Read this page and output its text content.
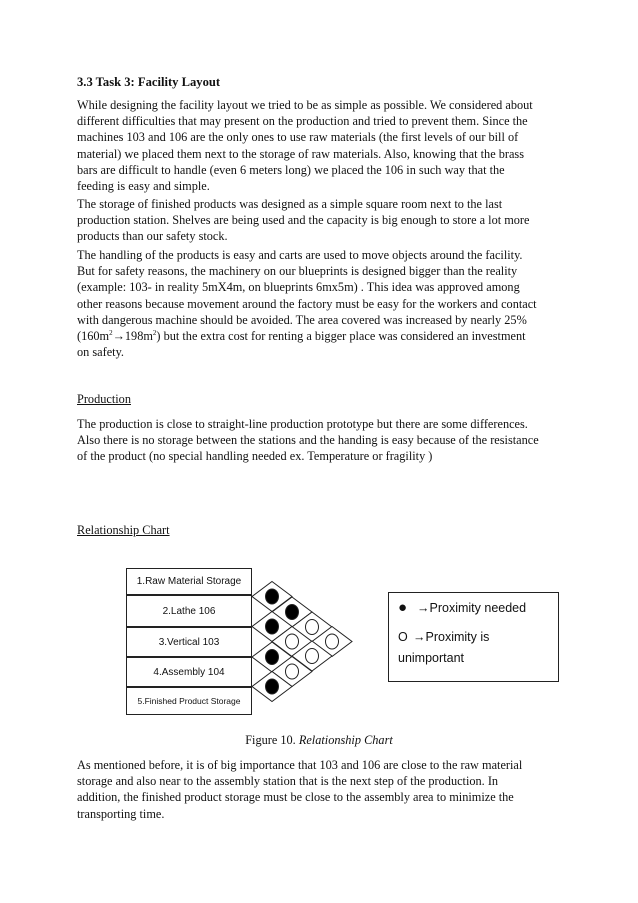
3.3 Task 3: Facility Layout

While designing the facility layout we tried to be as simple as possible. We considered about
different difficulties that may present on the production and tried to prevent them. Since the
machines 103 and 106 are the only ones to use raw materials (the first levels of our bill of
material) we placed them next to the storage of raw materials. Also, knowing that the brass
bars are difficult to handle (even 6 meters long) we placed the 106 in such way that the
feeding is easy and simple.

The storage of finished products was designed as a simple square room next to the last
production station. Shelves are being used and the capacity is big enough to store a lot more
products than our safety stock.

The handling of the products is easy and carts are used to move objects around the facility.
But for safety reasons, the machinery on our blueprints is designed bigger than the reality
(example: 103- in reality 5mX4m, on blueprints 6mx5m) . This idea was approved among
other reasons because movement around the factory must be easy for the workers and contact
with dangerous machine should be avoided. The area covered was increased by nearly 25%
$(160m^2\to 198m^2)$ but the extra cost for renting a bigger place was considered an investment
on safety.

Production

The production is close to straight-line production prototype but there are some differences.
Also there is no storage between the stations and the handing is easy because of the resistance
of the product (no special handling needed ex. Temperature or fragility )

Relationship Chart
1.Raw Material Storage
2.Lathe 106
3.Vertical 103
4.Assembly 104
5.Finished Product Storage
● →Proximity needed
O →Proximity is
unimportant
Figure 10. Relationship Chart

As mentioned before, it is of big importance that 103 and 106 are close to the raw material
storage and also near to the assembly station that is the next step of the production. In
addition, the finished product storage must be close to the assembly area to minimize the
transporting time.
